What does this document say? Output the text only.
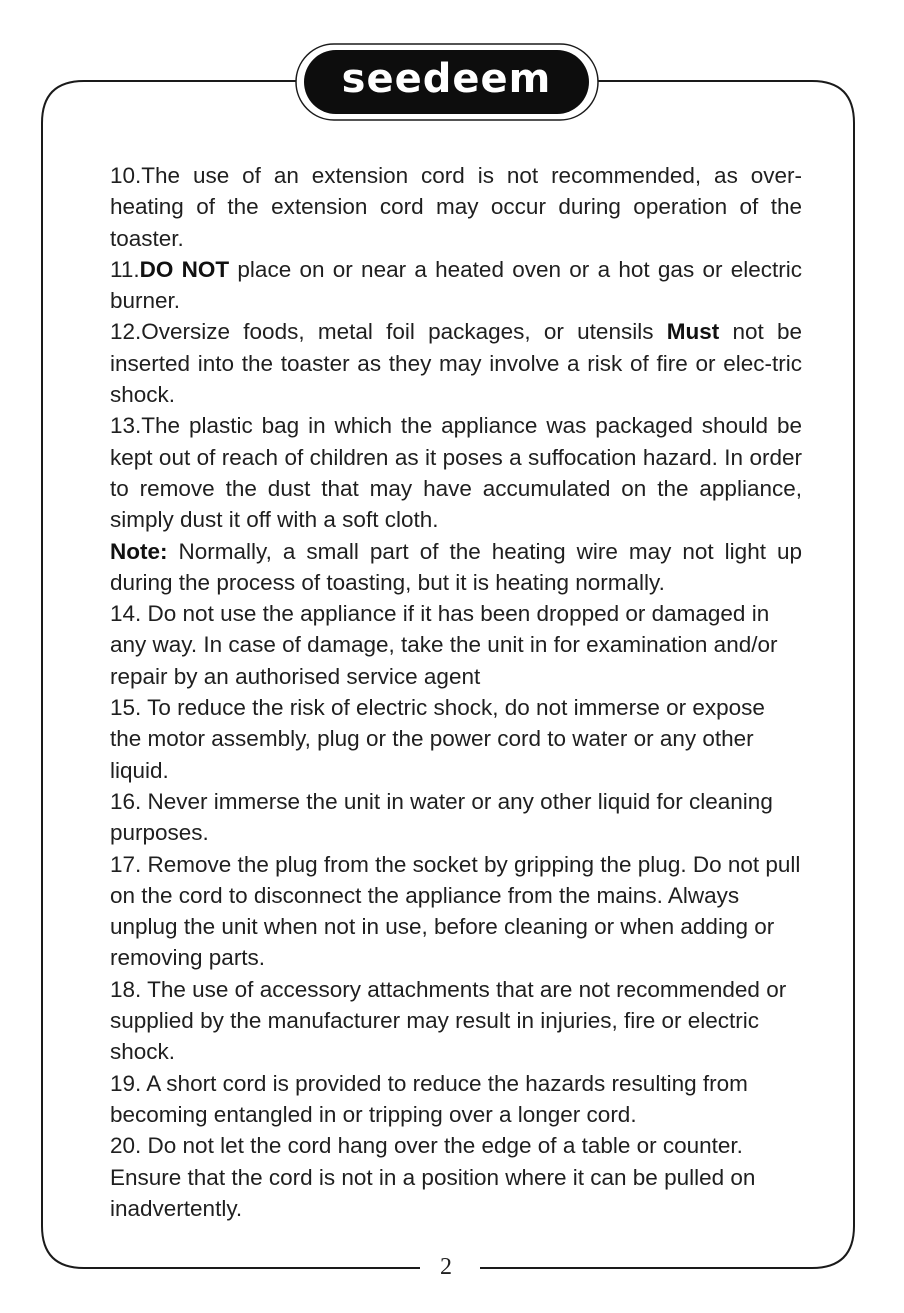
seedeem

10.The use of an extension cord is not recommended, as over-heating of the extension cord may occur during operation of the toaster.

11.DO NOT place on or near a heated oven or a hot gas or electric burner.

12.Oversize foods, metal foil packages, or utensils Must not be inserted into the toaster as they may involve a risk of fire or elec-tric shock.

13.The plastic bag in which the appliance was packaged should be kept out of reach of children as it poses a suffocation hazard. In order to remove the dust that may have accumulated on the appliance, simply dust it off with a soft cloth.

Note: Normally, a small part of the heating wire may not light up during the process of toasting, but it is heating normally.

14. Do not use the appliance if it has been dropped or damaged in any way. In case of damage, take the unit in for examination and/or repair by an authorised service agent

15. To reduce the risk of electric shock, do not immerse or expose the motor assembly, plug or the power cord to water or any other liquid.

16. Never immerse the unit in water or any other liquid for cleaning purposes.

17. Remove the plug from the socket by gripping the plug. Do not pull on the cord to disconnect the appliance from the mains. Always unplug the unit when not in use, before cleaning or when adding or removing parts.

18. The use of accessory attachments that are not recommended or supplied by the manufacturer may result in injuries, fire or electric shock.

19. A short cord is provided to reduce the hazards resulting from becoming entangled in or tripping over a longer cord.

20. Do not let the cord hang over the edge of a table or counter. Ensure that the cord is not in a position where it can be pulled on inadvertently.

2
